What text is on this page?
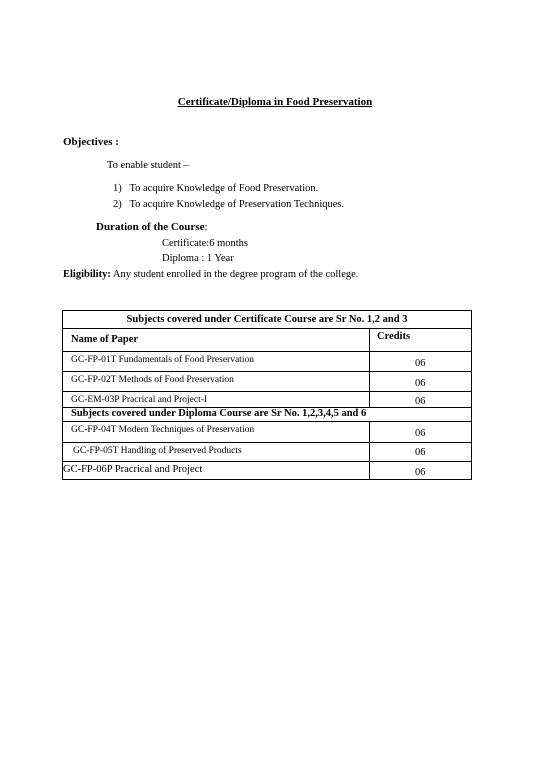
Certificate/Diploma in Food Preservation
Objectives :
To enable student –
1) To acquire Knowledge of Food Preservation.
2) To acquire Knowledge of Preservation Techniques.
Duration of the Course:
Certificate:6 months
Diploma : 1 Year
Eligibility: Any student enrolled in the degree program of the college.
Subjects covered under Certificate Course are Sr No. 1,2 and 3
Name of Paper	Credits
GC-FP-01T Fundamentals of Food Preservation	06
GC-FP-02T Methods of Food Preservation	06
GC-EM-03P Pracrical and Project-I	06
Subjects covered under Diploma Course are Sr No. 1,2,3,4,5 and 6
GC-FP-04T Modern Techniques of Preservation	06
GC-FP-05T Handling of Preserved Products	06
GC-FP-06P Pracrical and Project	06
